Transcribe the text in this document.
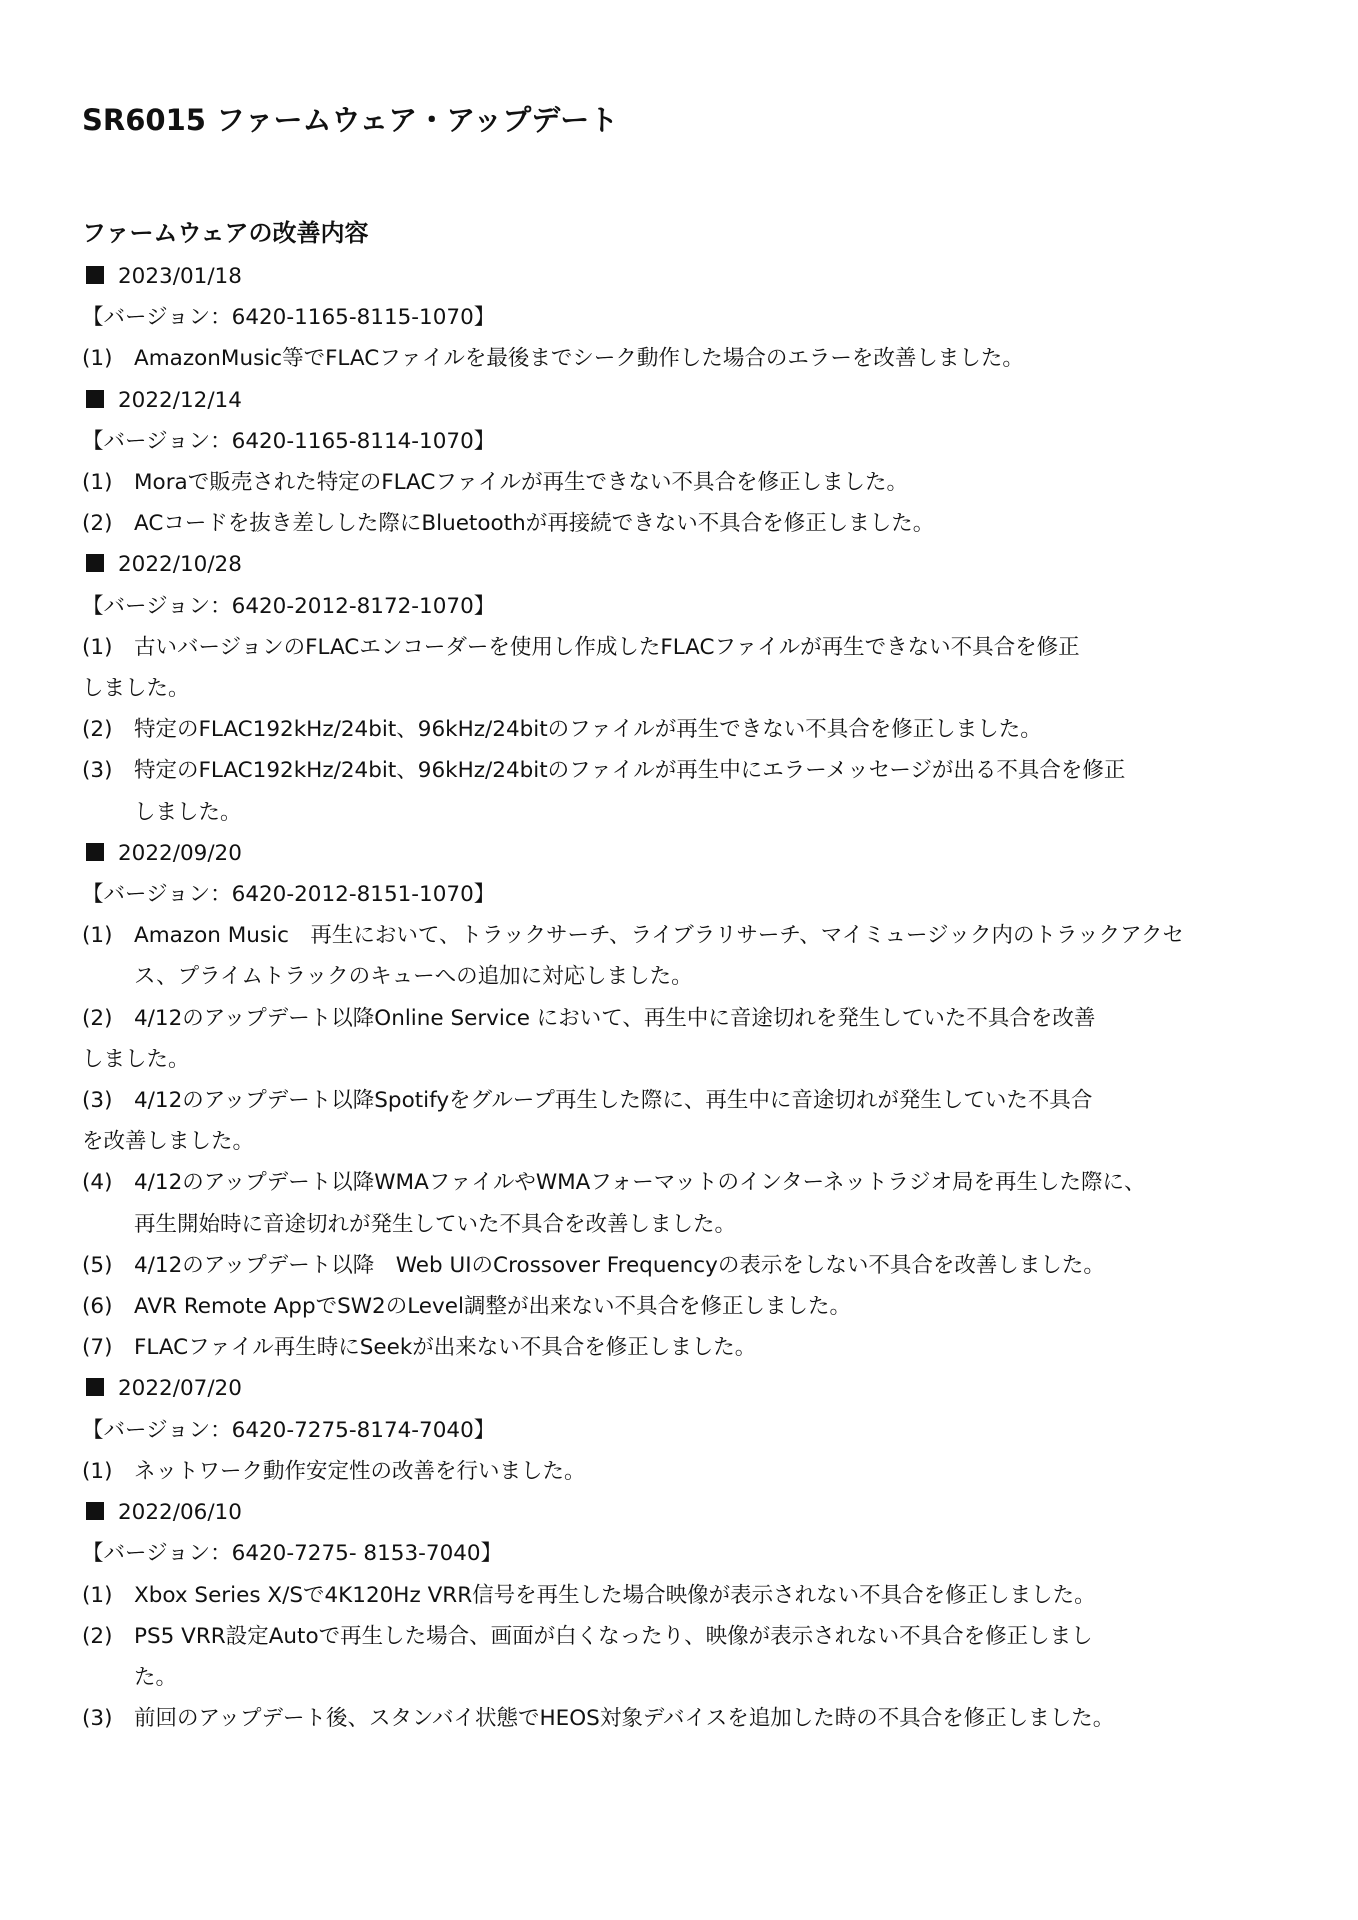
SR6015 ファームウェア・アップデート
ファームウェアの改善内容
2023/01/18
【バージョン：6420-1165-8115-1070】
(1)	AmazonMusic等でFLACファイルを最後までシーク動作した場合のエラーを改善しました。
2022/12/14
【バージョン：6420-1165-8114-1070】
(1)	Moraで販売された特定のFLACファイルが再生できない不具合を修正しました。
(2)	ACコードを抜き差しした際にBluetoothが再接続できない不具合を修正しました。
2022/10/28
【バージョン：6420-2012-8172-1070】
(1)	古いバージョンのFLACエンコーダーを使用し作成したFLACファイルが再生できない不具合を修正
しました。
(2)	特定のFLAC192kHz/24bit、96kHz/24bitのファイルが再生できない不具合を修正しました。
(3)	特定のFLAC192kHz/24bit、96kHz/24bitのファイルが再生中にエラーメッセージが出る不具合を修正
しました。
2022/09/20
【バージョン：6420-2012-8151-1070】
(1)	Amazon Music　再生において、トラックサーチ、ライブラリサーチ、マイミュージック内のトラックアクセ
ス、プライムトラックのキューへの追加に対応しました。
(2)	4/12のアップデート以降Online Service において、再生中に音途切れを発生していた不具合を改善
しました。
(3)	4/12のアップデート以降Spotifyをグループ再生した際に、再生中に音途切れが発生していた不具合
を改善しました。
(4)	4/12のアップデート以降WMAファイルやWMAフォーマットのインターネットラジオ局を再生した際に、
再生開始時に音途切れが発生していた不具合を改善しました。
(5)	4/12のアップデート以降　Web UIのCrossover Frequencyの表示をしない不具合を改善しました。
(6)	AVR Remote AppでSW2のLevel調整が出来ない不具合を修正しました。
(7)	FLACファイル再生時にSeekが出来ない不具合を修正しました。
2022/07/20
【バージョン：6420-7275-8174-7040】
(1)	ネットワーク動作安定性の改善を行いました。
2022/06/10
【バージョン：6420-7275- 8153-7040】
(1)	Xbox Series X/Sで4K120Hz VRR信号を再生した場合映像が表示されない不具合を修正しました。
(2)	PS5 VRR設定Autoで再生した場合、画面が白くなったり、映像が表示されない不具合を修正しまし
た。
(3)	前回のアップデート後、スタンバイ状態でHEOS対象デバイスを追加した時の不具合を修正しました。
